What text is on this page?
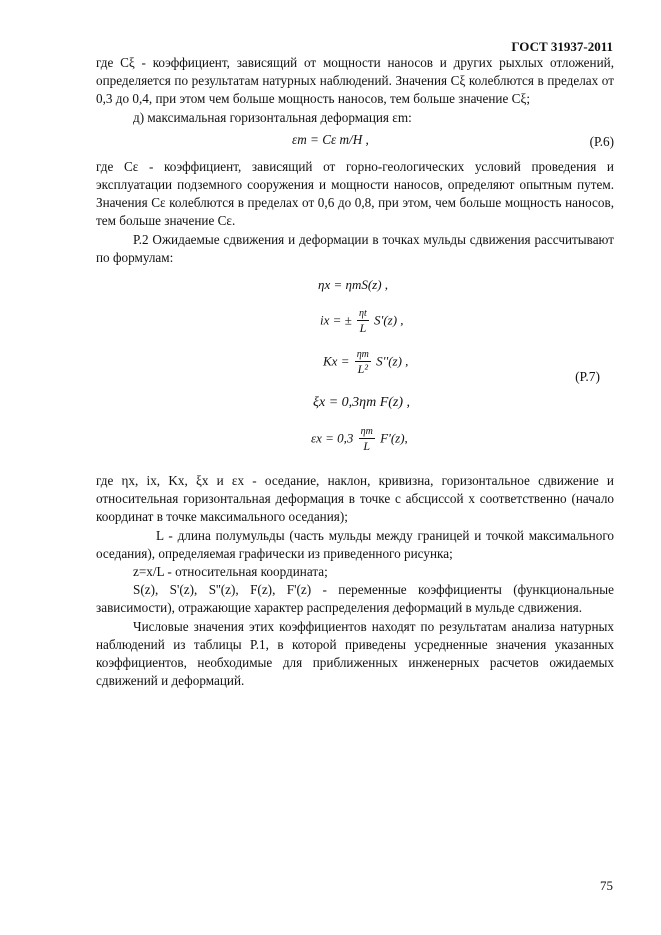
ГОСТ 31937-2011

где Cξ - коэффициент, зависящий от мощности наносов и других рыхлых отложений, определяется по результатам натурных наблюдений. Значения Cξ колеблются в пределах от 0,3 до 0,4, при этом чем больше мощность наносов, тем больше значение Cξ;

д) максимальная горизонтальная деформация εm:

εm = Cε m/H ,	(Р.6)

где Cε - коэффициент, зависящий от горно-геологических условий проведения и эксплуатации подземного сооружения и мощности наносов, определяют опытным путем. Значения Cε колеблются в пределах от 0,6 до 0,8, при этом, чем больше мощность наносов, тем больше значение Cε.

Р.2 Ожидаемые сдвижения и деформации в точках мульды сдвижения рассчитывают по формулам:

ηx = ηmS(z) ,
ix = ± $\frac{\eta t}{L} S'(z)$ ,
$Kx = \frac{\eta m}{\text{L²}} S''(z)$ ,
ξx = 0,3ηm F(z) ,
$\varepsilon x = 0,3 \frac{\eta m}{L} F'(z)$,
(Р.7)

где ηx, ix, Kx, ξx и εx - оседание, наклон, кривизна, горизонтальное сдвижение и относительная горизонтальная деформация в точке с абсциссой x соответственно (начало координат в точке максимального оседания);

L - длина полумульды (часть мульды между границей и точкой максимального оседания), определяемая графически из приведенного рисунка;

z=x/L - относительная координата;

S(z), S'(z), S''(z), F(z), F'(z) - переменные коэффициенты (функциональные зависимости), отражающие характер распределения деформаций в мульде сдвижения.

Числовые значения этих коэффициентов находят по результатам анализа натурных наблюдений из таблицы Р.1, в которой приведены усредненные значения указанных коэффициентов, необходимые для приближенных инженерных расчетов ожидаемых сдвижений и деформаций.

75
